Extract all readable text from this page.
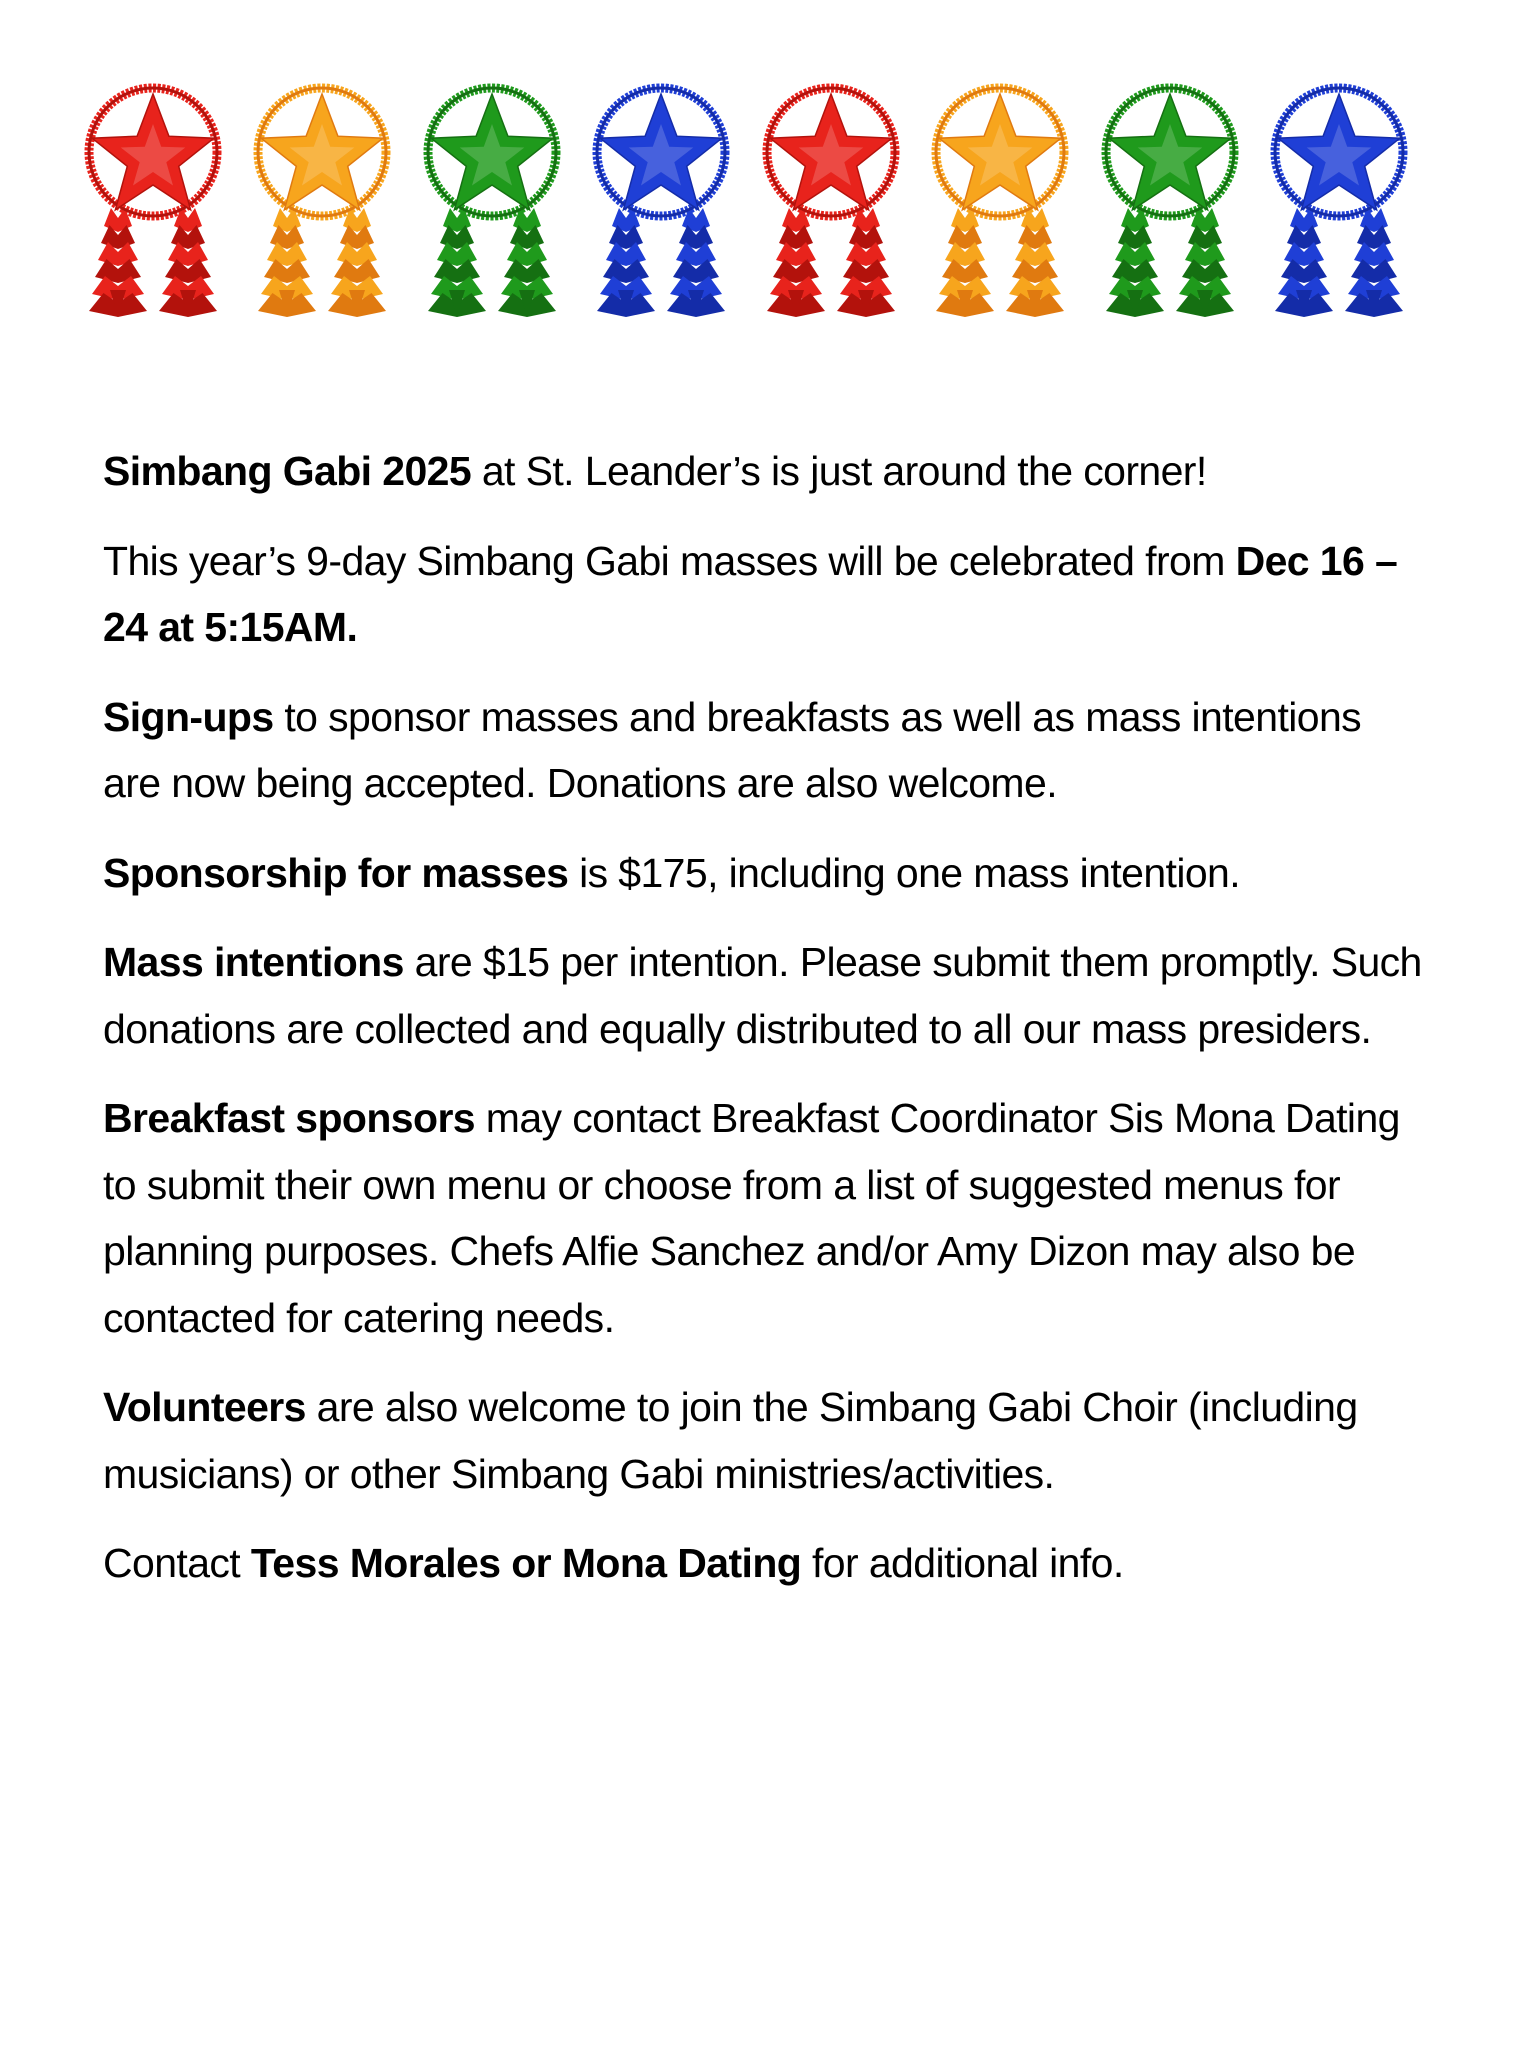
Simbang Gabi 2025 at St. Leander’s is just around the corner!

This year’s 9-day Simbang Gabi masses will be celebrated from Dec 16 – 24 at 5:15AM.

Sign-ups to sponsor masses and breakfasts as well as mass intentions are now being accepted. Donations are also welcome.

Sponsorship for masses is $175, including one mass intention.

Mass intentions are $15 per intention. Please submit them promptly. Such donations are collected and equally distributed to all our mass presiders.

Breakfast sponsors may contact Breakfast Coordinator Sis Mona Dating to submit their own menu or choose from a list of suggested menus for planning purposes. Chefs Alfie Sanchez and/or Amy Dizon may also be contacted for catering needs.

Volunteers are also welcome to join the Simbang Gabi Choir (including musicians) or other Simbang Gabi ministries/activities.

Contact Tess Morales or Mona Dating for additional info.
